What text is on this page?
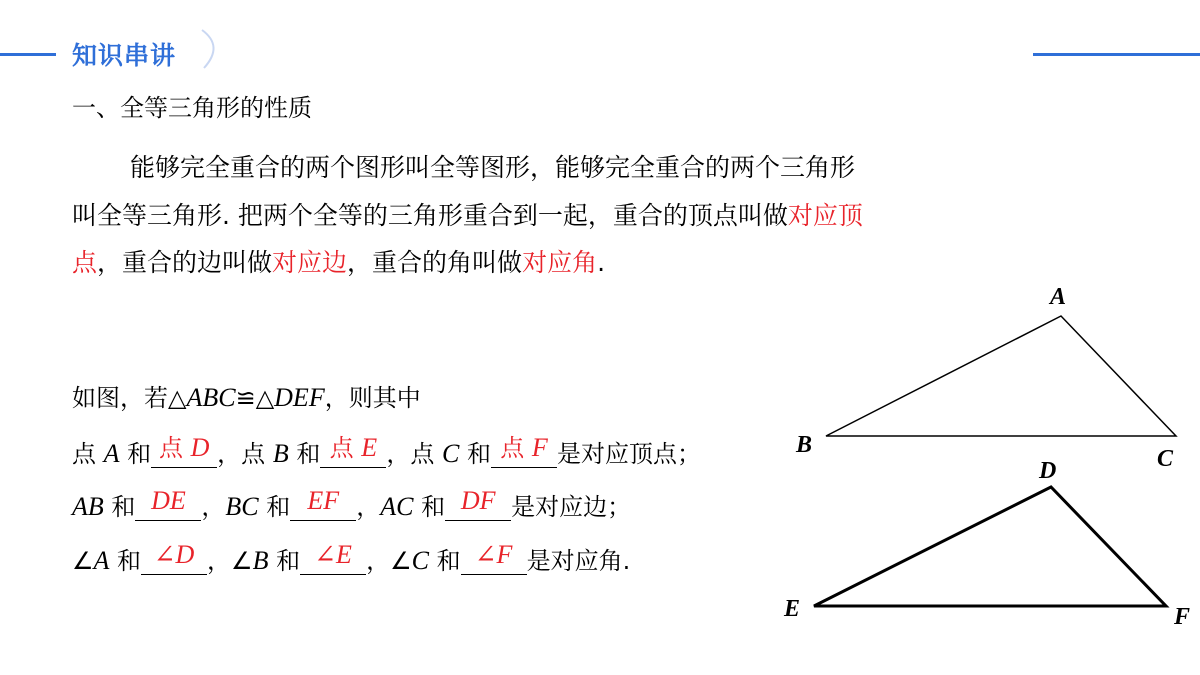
知识串讲
一、全等三角形的性质
能够完全重合的两个图形叫全等图形，能够完全重合的两个三角形
叫全等三角形. 把两个全等的三角形重合到一起，重合的顶点叫做对应顶
点，重合的边叫做对应边，重合的角叫做对应角.
如图，若△ABC≌△DEF，则其中
点 A 和 点 D ，点 B 和 点 E ，点 C 和 点 F 是对应顶点；
AB 和 DE ，BC 和 EF ，AC 和 DF 是对应边；
∠A 和 ∠D ，∠B 和 ∠E ，∠C 和 ∠F 是对应角.
A
B
C
D
E	F
